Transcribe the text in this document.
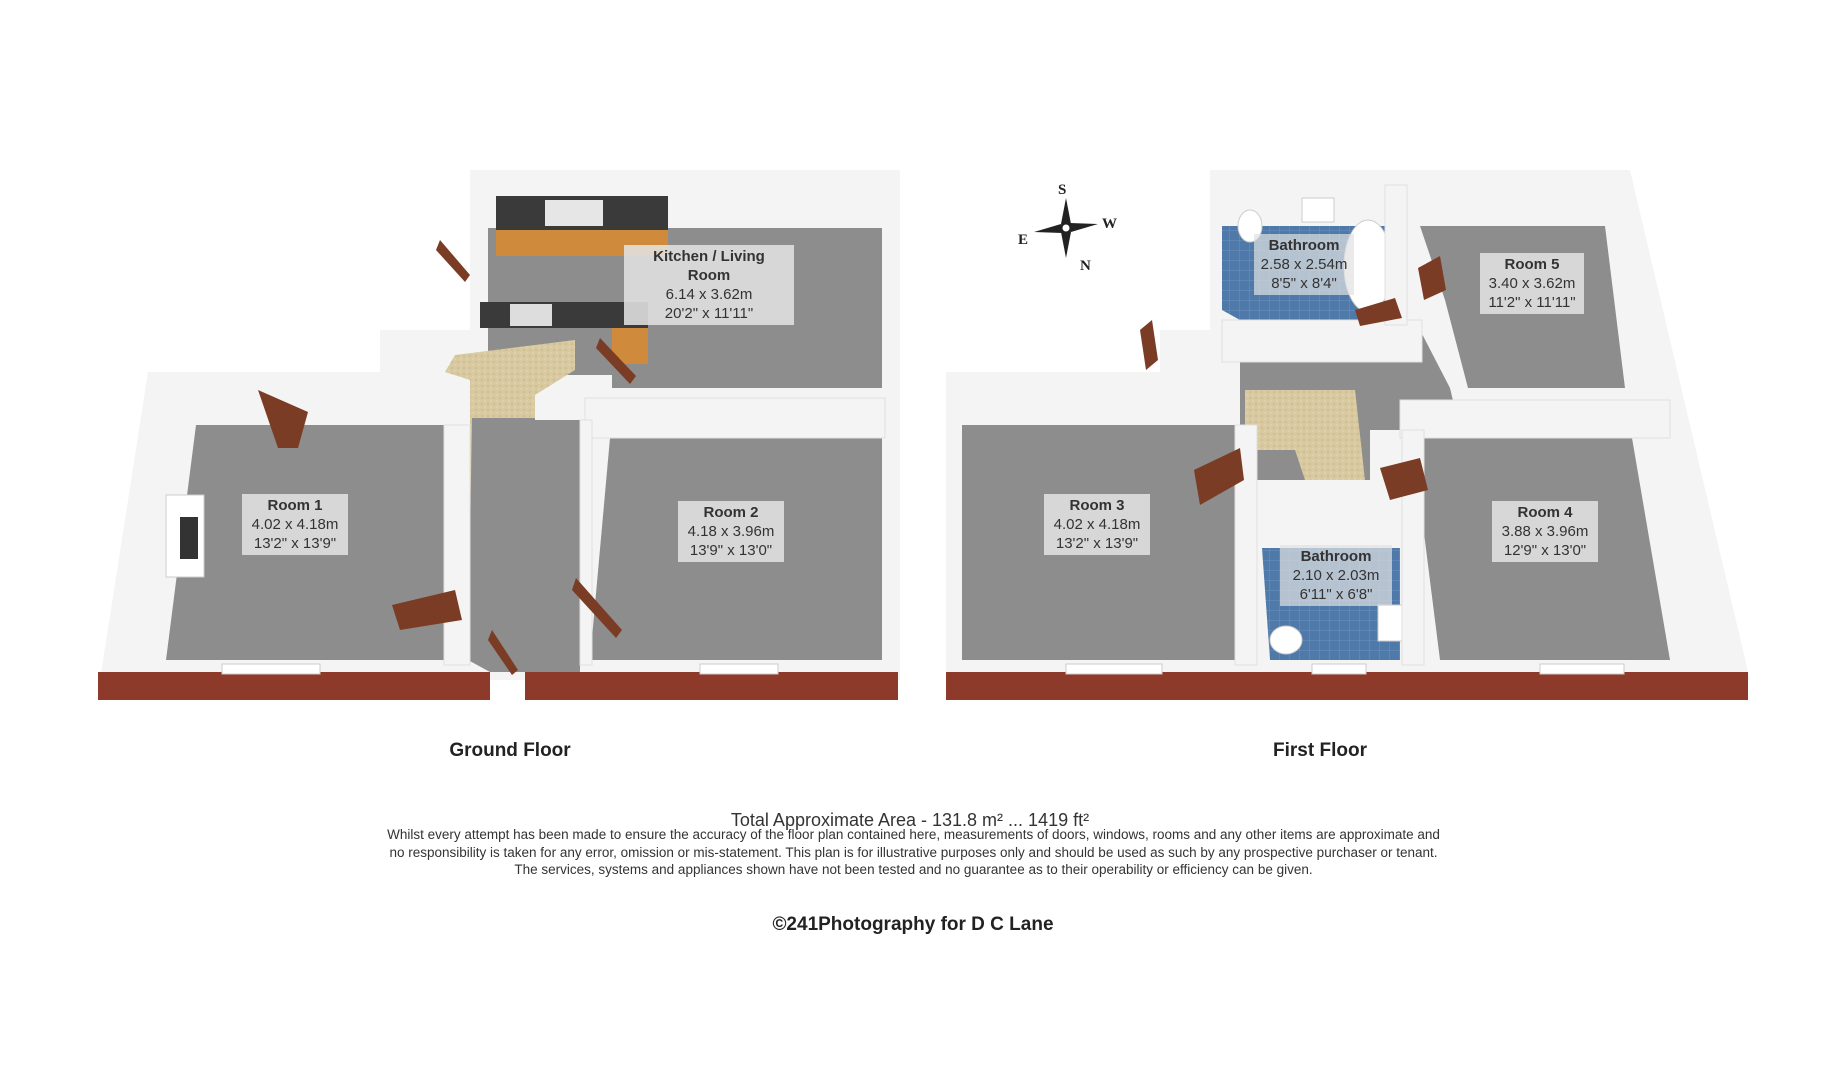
S
W
E
N
Kitchen / Living Room
6.14 x 3.62m
20'2" x 11'11"
Room 1
4.02 x 4.18m
13'2" x 13'9"
Room 2
4.18 x 3.96m
13'9" x 13'0"
Bathroom
2.58 x 2.54m
8'5" x 8'4"
Room 5
3.40 x 3.62m
11'2" x 11'11"
Room 3
4.02 x 4.18m
13'2" x 13'9"
Room 4
3.88 x 3.96m
12'9" x 13'0"
Bathroom
2.10 x 2.03m
6'11" x 6'8"
Ground Floor	First Floor
Total Approximate Area - 131.8 m² ... 1419 ft²
Whilst every attempt has been made to ensure the accuracy of the floor plan contained here, measurements of doors, windows, rooms and any other items are approximate and
no responsibility is taken for any error, omission or mis-statement. This plan is for illustrative purposes only and should be used as such by any prospective purchaser or tenant.
The services, systems and appliances shown have not been tested and no guarantee as to their operability or efficiency can be given.
©241Photography for D C Lane
